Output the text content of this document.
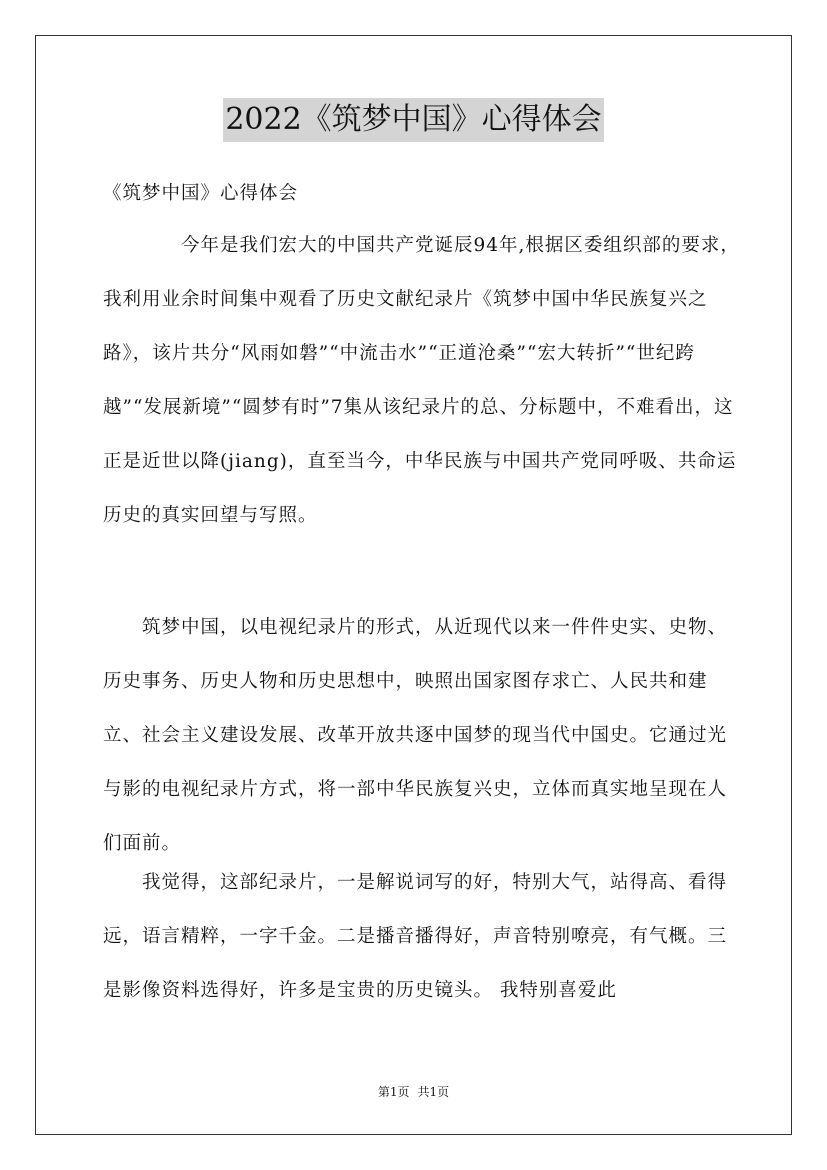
2022《筑梦中国》心得体会

《筑梦中国》心得体会

今年是我们宏大的中国共产党诞辰94年,根据区委组织部的要求，我利用业余时间集中观看了历史文献纪录片《筑梦中国中华民族复兴之路》，该片共分“风雨如磐”“中流击水”“正道沧桑”“宏大转折”“世纪跨越”“发展新境”“圆梦有时”7集从该纪录片的总、分标题中，不难看出，这正是近世以降(jiang)，直至当今，中华民族与中国共产党同呼吸、共命运历史的真实回望与写照。

筑梦中国，以电视纪录片的形式，从近现代以来一件件史实、史物、历史事务、历史人物和历史思想中，映照出国家图存求亡、人民共和建立、社会主义建设发展、改革开放共逐中国梦的现当代中国史。它通过光与影的电视纪录片方式，将一部中华民族复兴史，立体而真实地呈现在人们面前。

我觉得，这部纪录片，一是解说词写的好，特别大气，站得高、看得远，语言精粹，一字千金。二是播音播得好，声音特别嘹亮，有气概。三是影像资料选得好，许多是宝贵的历史镜头。 我特别喜爱此

第1页 共1页
